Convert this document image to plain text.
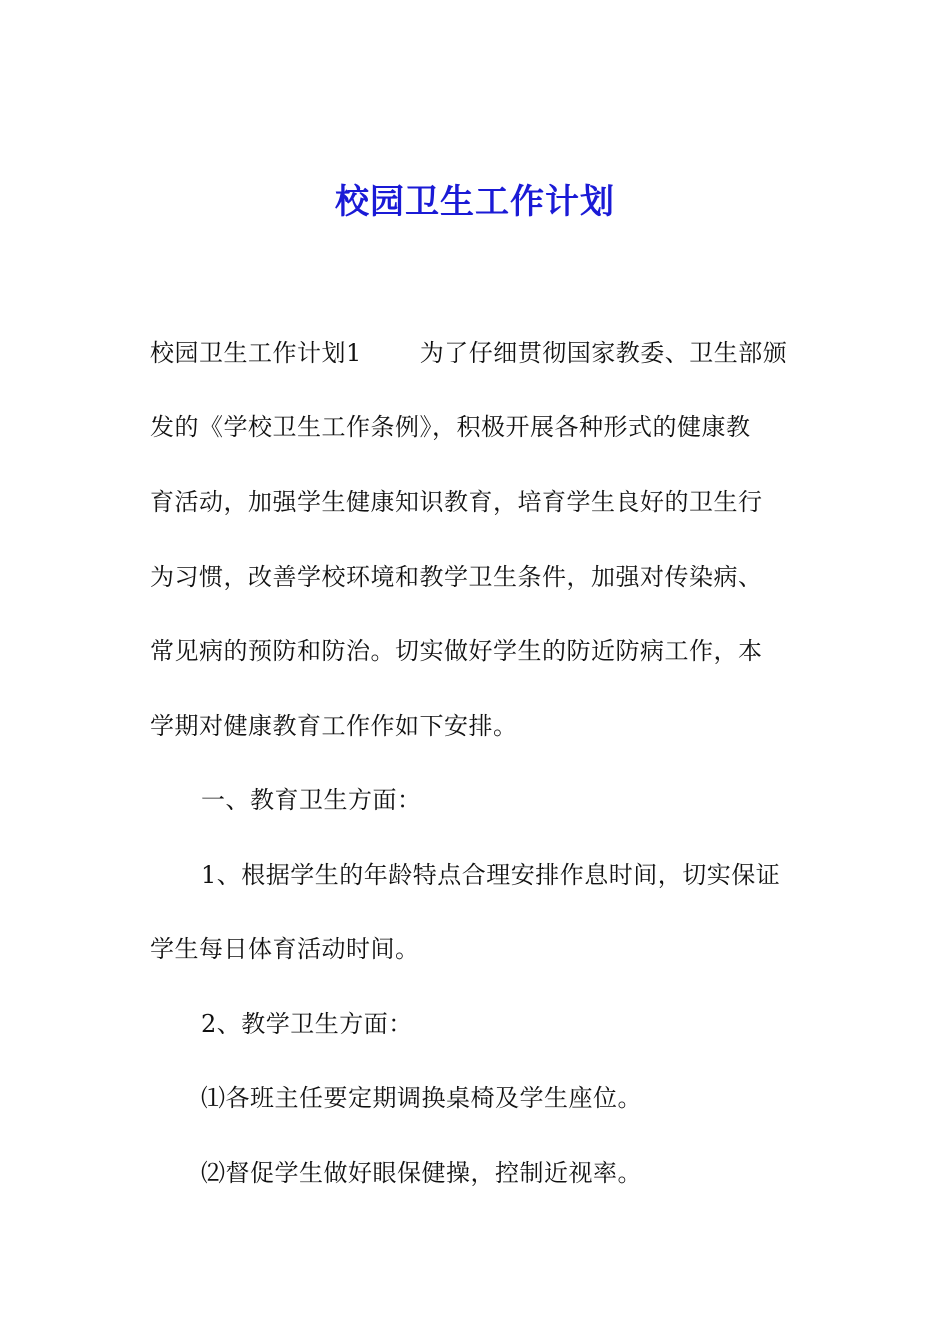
校园卫生工作计划
校园卫生工作计划1 为了仔细贯彻国家教委、卫生部颁
发的《学校卫生工作条例》，积极开展各种形式的健康教
育活动，加强学生健康知识教育，培育学生良好的卫生行
为习惯，改善学校环境和教学卫生条件，加强对传染病、
常见病的预防和防治。切实做好学生的防近防病工作，本
学期对健康教育工作作如下安排。
一、教育卫生方面：
1、根据学生的年龄特点合理安排作息时间，切实保证
学生每日体育活动时间。
2、教学卫生方面：
⑴各班主任要定期调换桌椅及学生座位。
⑵督促学生做好眼保健操，控制近视率。
